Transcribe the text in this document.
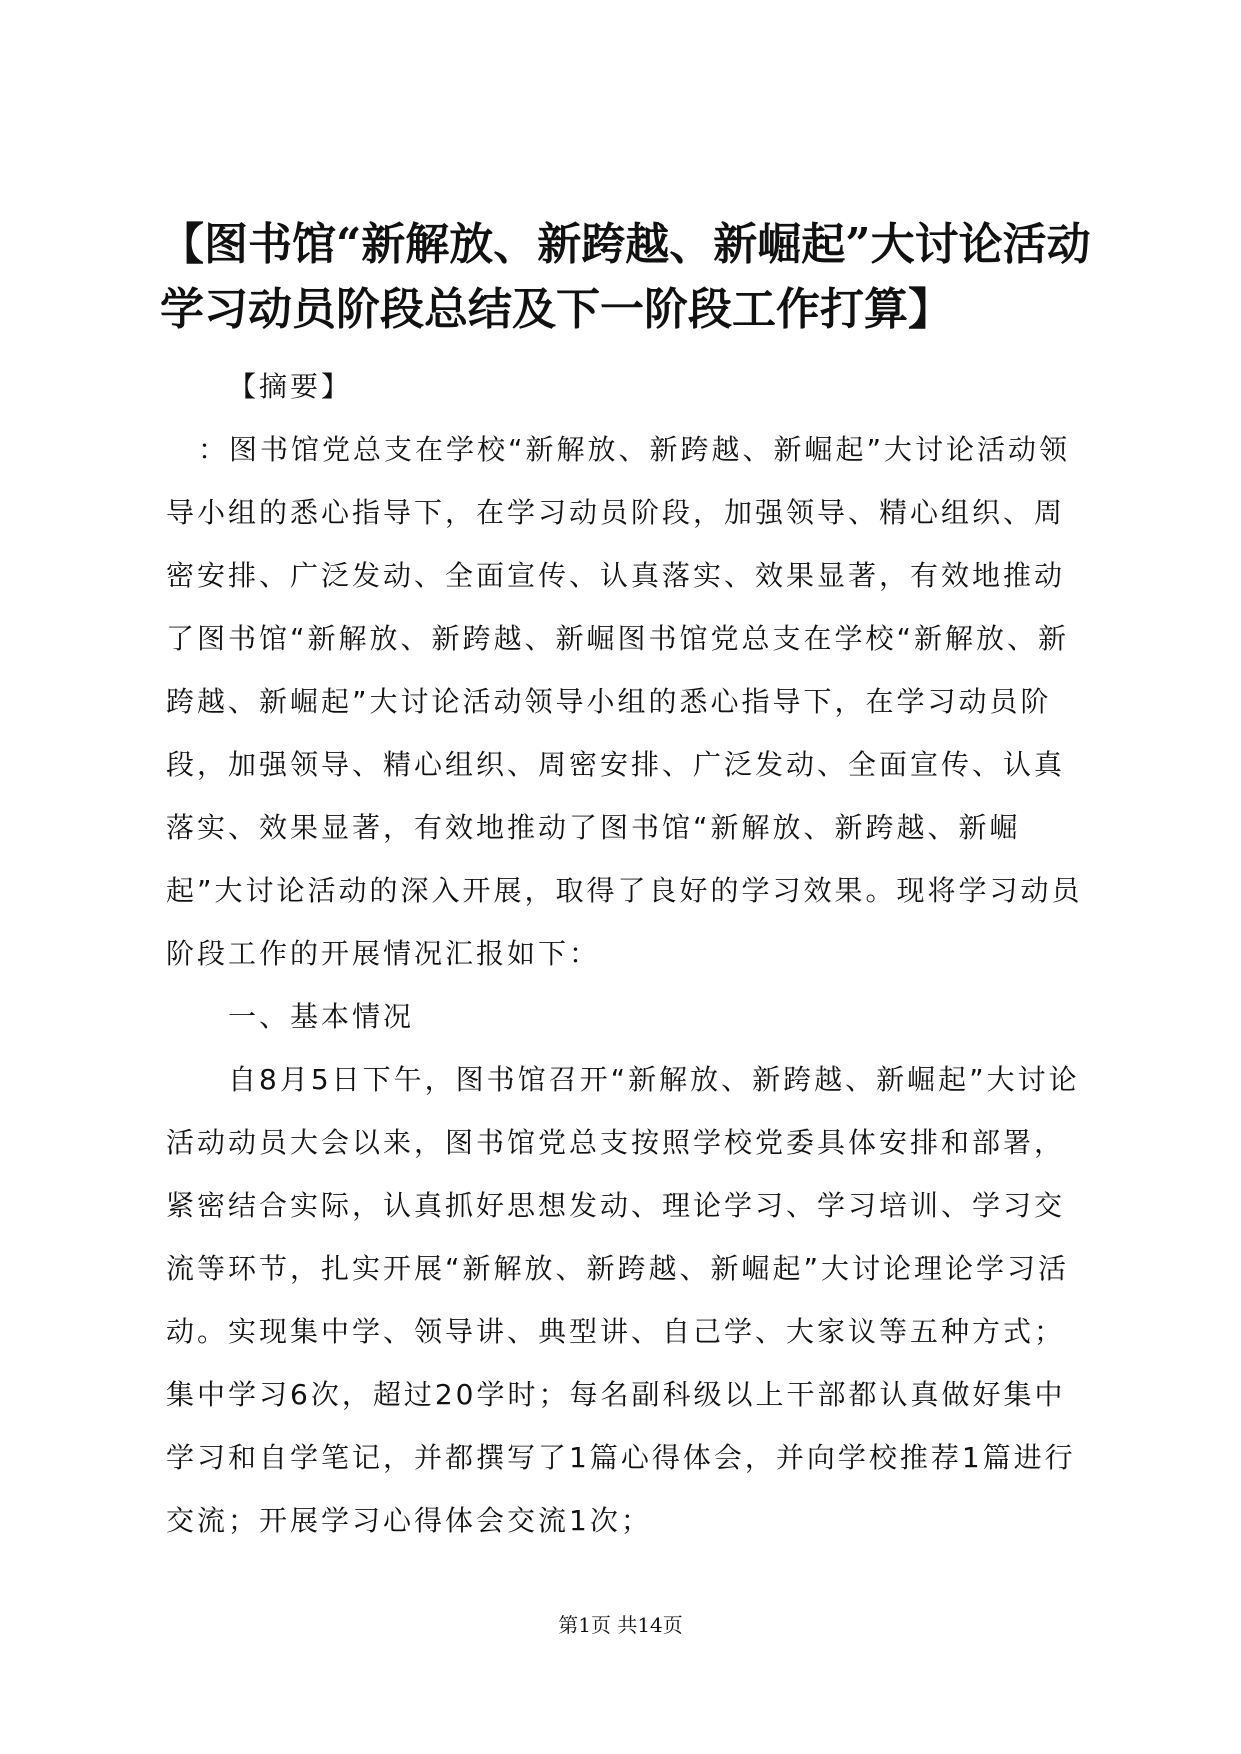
【图书馆“新解放、新跨越、新崛起”大讨论活动学习动员阶段总结及下一阶段工作打算】

【摘要】

：图书馆党总支在学校“新解放、新跨越、新崛起”大讨论活动领导小组的悉心指导下，在学习动员阶段，加强领导、精心组织、周密安排、广泛发动、全面宣传、认真落实、效果显著，有效地推动了图书馆“新解放、新跨越、新崛图书馆党总支在学校“新解放、新跨越、新崛起”大讨论活动领导小组的悉心指导下，在学习动员阶段，加强领导、精心组织、周密安排、广泛发动、全面宣传、认真落实、效果显著，有效地推动了图书馆“新解放、新跨越、新崛起”大讨论活动的深入开展，取得了良好的学习效果。现将学习动员阶段工作的开展情况汇报如下：

一、基本情况

自8月5日下午，图书馆召开“新解放、新跨越、新崛起”大讨论活动动员大会以来，图书馆党总支按照学校党委具体安排和部署，紧密结合实际，认真抓好思想发动、理论学习、学习培训、学习交流等环节，扎实开展“新解放、新跨越、新崛起”大讨论理论学习活动。实现集中学、领导讲、典型讲、自己学、大家议等五种方式；集中学习6次，超过20学时；每名副科级以上干部都认真做好集中学习和自学笔记，并都撰写了1篇心得体会，并向学校推荐1篇进行交流；开展学习心得体会交流1次；

第1页 共14页
